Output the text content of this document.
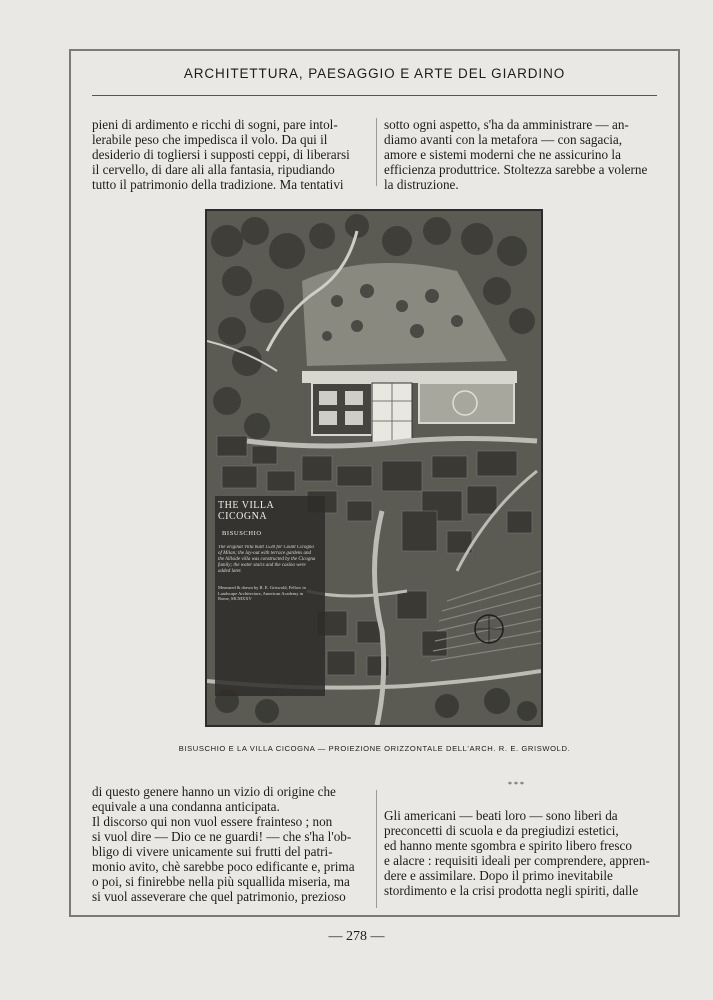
ARCHITETTURA, PAESAGGIO E ARTE DEL GIARDINO

pieni di ardimento e ricchi di sogni, pare intol-
lerabile peso che impedisca il volo. Da qui il
desiderio di togliersi i supposti ceppi, di liberarsi
il cervello, di dare ali alla fantasia, ripudiando
tutto il patrimonio della tradizione. Ma tentativi

sotto ogni aspetto, s'ha da amministrare — an-
diamo avanti con la metafora — con sagacia,
amore e sistemi moderni che ne assicurino la
efficienza produttrice. Stoltezza sarebbe a volerne
la distruzione.

THE VILLA CICOGNA
BISUSCHIO
The original Villa built 1530 for Count Cicogna of Milan; the lay-out with terrace gardens and the hillside villa was constructed by the Cicogna family; the water stairs and the casino were added later.
Measured & drawn by R. E. Griswold, Fellow in Landscape Architecture, American Academy in Rome, MCMXXV
BISUSCHIO E LA VILLA CICOGNA — PROIEZIONE ORIZZONTALE DELL'ARCH. R. E. GRISWOLD.

di questo genere hanno un vizio di origine che
equivale a una condanna anticipata.
Il discorso qui non vuol essere frainteso ; non
si vuol dire — Dio ce ne guardi! — che s'ha l'ob-
bligo di vivere unicamente sui frutti del patri-
monio avito, chè sarebbe poco edificante e, prima
o poi, si finirebbe nella più squallida miseria, ma
si vuol asseverare che quel patrimonio, prezioso

* * *

Gli americani — beati loro — sono liberi da
preconcetti di scuola e da pregiudizi estetici,
ed hanno mente sgombra e spirito libero fresco
e alacre : requisiti ideali per comprendere, appren-
dere e assimilare. Dopo il primo inevitabile
stordimento e la crisi prodotta negli spiriti, dalle

— 278 —
